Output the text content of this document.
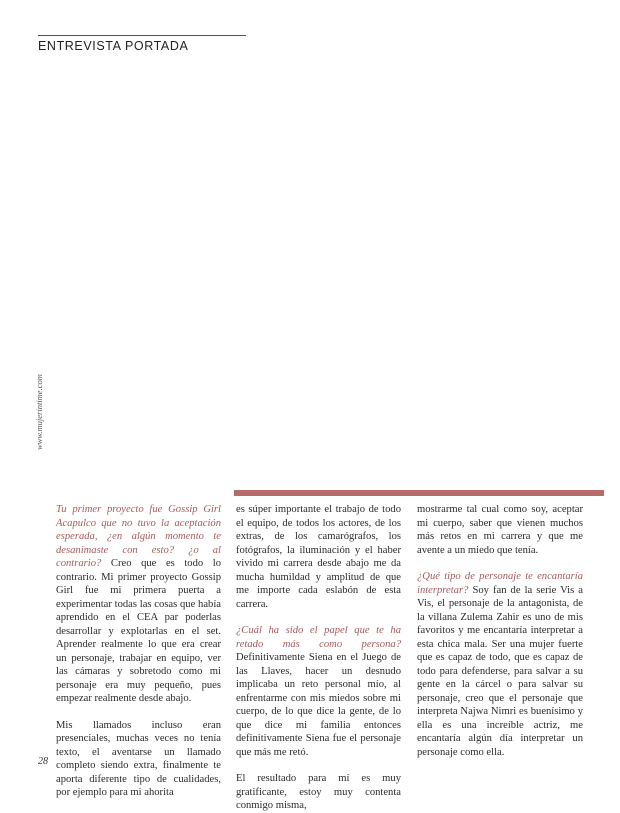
ENTREVISTA PORTADA
www.mujerintime.com

Tu primer proyecto fue Gossip Girl Acapulco que no tuvo la aceptación esperada, ¿en algún momento te desanimaste con esto? ¿o al contrario? Creo que es todo lo contrario. Mi primer proyecto Gossip Girl fue mi primera puerta a experimentar todas las cosas que había aprendido en el CEA par poderlas desarrollar y explotarlas en el set. Aprender realmente lo que era crear un personaje, trabajar en equipo, ver las cámaras y sobretodo como mi personaje era muy pequeño, pues empezar realmente desde abajo.

Mis llamados incluso eran presenciales, muchas veces no tenía texto, el aventarse un llamado completo siendo extra, finalmente te aporta diferente tipo de cualidades, por ejemplo para mi ahorita

es súper importante el trabajo de todo el equipo, de todos los actores, de los extras, de los camarógrafos, los fotógrafos, la iluminación y el haber vivido mi carrera desde abajo me da mucha humildad y amplitud de que me importe cada eslabón de esta carrera.

¿Cuál ha sido el papel que te ha retado más como persona? Definitivamente Siena en el Juego de las Llaves, hacer un desnudo implicaba un reto personal mío, al enfrentarme con mis miedos sobre mi cuerpo, de lo que dice la gente, de lo que dice mi familia entonces definitivamente Siena fue el personaje que más me retó.

El resultado para mí es muy gratificante, estoy muy contenta conmigo misma,

mostrarme tal cual como soy, aceptar mi cuerpo, saber que vienen muchos más retos en mi carrera y que me avente a un miedo que tenía.

¿Qué tipo de personaje te encantaría interpretar? Soy fan de la serie Vis a Vis, el personaje de la antagonista, de la villana Zulema Zahir es uno de mis favoritos y me encantaría interpretar a esta chica mala. Ser una mujer fuerte que es capaz de todo, que es capaz de todo para defenderse, para salvar a su gente en la cárcel o para salvar su personaje, creo que el personaje que interpreta Najwa Nimri es buenísimo y ella es una increíble actriz, me encantaría algún día interpretar un personaje como ella.

28
